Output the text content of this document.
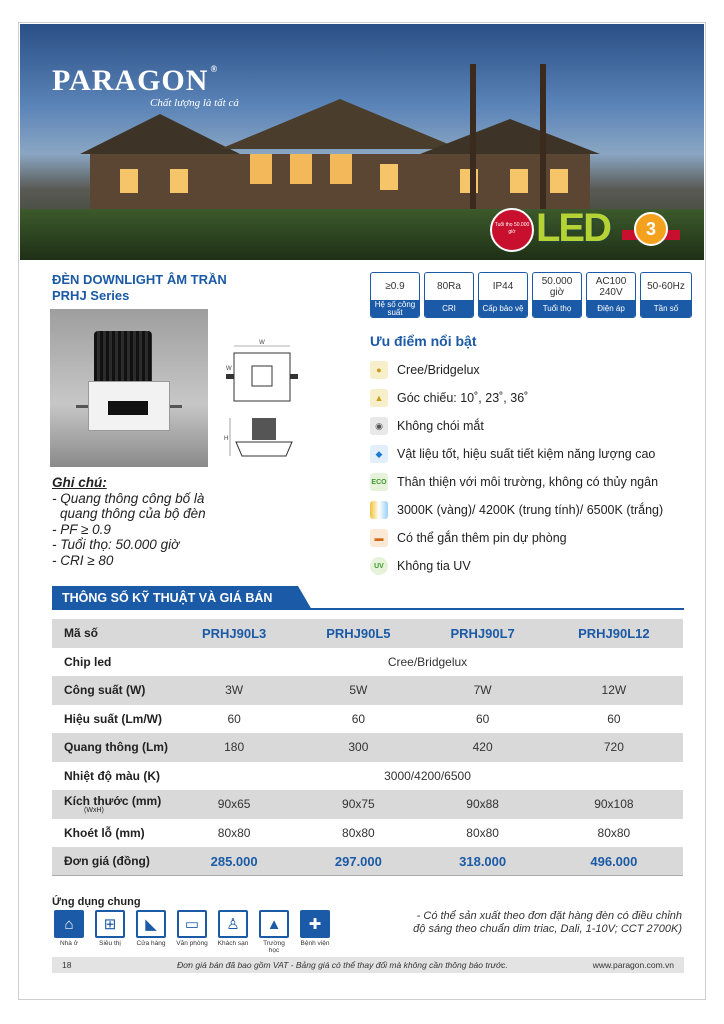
PARAGON ®
Chất lượng là tất cả
Tuổi thọ 50.000 giờ LED	3
ĐÈN DOWNLIGHT ÂM TRẦN
PRHJ Series
≥0.9
Hệ số công suất
80Ra
CRI
IP44
Cấp bảo vệ
50.000 giờ
Tuổi thọ
AC100 240V
Điện áp
50-60Hz
Tần số
W
W
H
Ưu điểm nổi bật
●	Cree/Bridgelux
▲	Góc chiếu: 10˚, 23˚, 36˚
◉	Không chói mắt
◆	Vật liệu tốt, hiệu suất tiết kiệm năng lượng cao
ECO Thân thiện với môi trường, không có thủy ngân
3000K (vàng)/ 4200K (trung tính)/ 6500K (trắng)
▬	Có thể gắn thêm pin dự phòng
UV	Không tia UV
Ghi chú:
- Quang thông công bố là
quang thông của bộ đèn
- PF ≥ 0.9
- Tuổi thọ: 50.000 giờ
- CRI ≥ 80
THÔNG SỐ KỸ THUẬT VÀ GIÁ BÁN
Mã số	PRHJ90L3	PRHJ90L5	PRHJ90L7	PRHJ90L12
Chip led	Cree/Bridgelux			
Công suất (W)	3W	5W	7W	12W
Hiệu suất (Lm/W)	60	60	60	60
Quang thông (Lm)	180	300	420	720
Nhiệt độ màu (K)	3000/4200/6500			
Kích thước (mm)
(WxH)	90x65	90x75	90x88	90x108
Khoét lỗ (mm)	80x80	80x80	80x80	80x80
Đơn giá (đồng)	285.000	297.000	318.000	496.000
Ứng dụng chung
⌂
Nhà ở
⊞
Siêu thị
◣
Cửa hàng
▭
Văn phòng
♙
Khách sạn
▲
Trường học
✚
Bệnh viện
- Có thể sản xuất theo đơn đặt hàng đèn có điều chỉnh
độ sáng theo chuẩn dim triac, Dali, 1-10V; CCT 2700K)
18	Đơn giá bán đã bao gồm VAT - Bảng giá có thể thay đổi mà không cần thông báo trước.	www.paragon.com.vn
